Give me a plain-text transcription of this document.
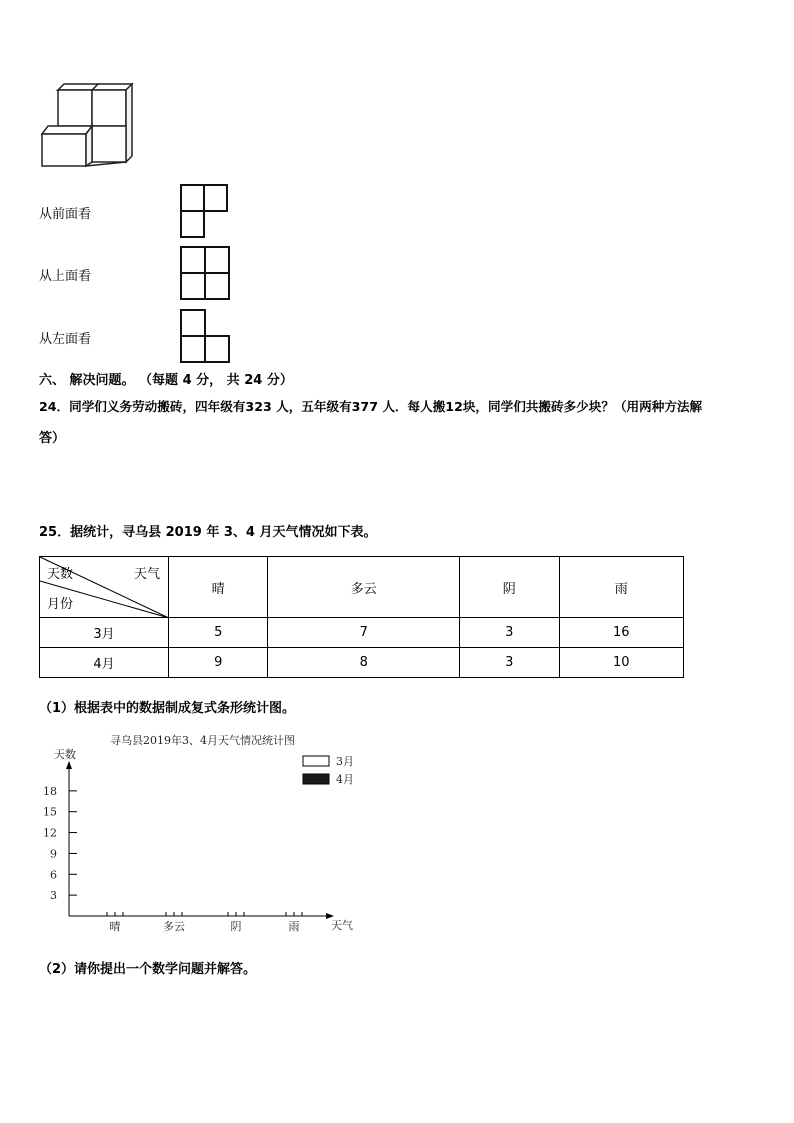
从前面看
从上面看
从左面看
六、 解决问题。 （每题 4 分， 共 24 分）
24．同学们义务劳动搬砖，四年级有323 人，五年级有377 人．每人搬12块，同学们共搬砖多少块？（用两种方法解
答）
25．据统计，寻乌县 2019 年 3、4 月天气情况如下表。
天数 天气
月份	晴	多云	阴	雨
3月	5	7	3	16
4月	9	8	3	10
（1）根据表中的数据制成复式条形统计图。
寻乌县2019年3、4月天气情况统计图
天数
天气
3月
4月
3
6
9
12
15
18
晴	多云	阴	雨
（2）请你提出一个数学问题并解答。
